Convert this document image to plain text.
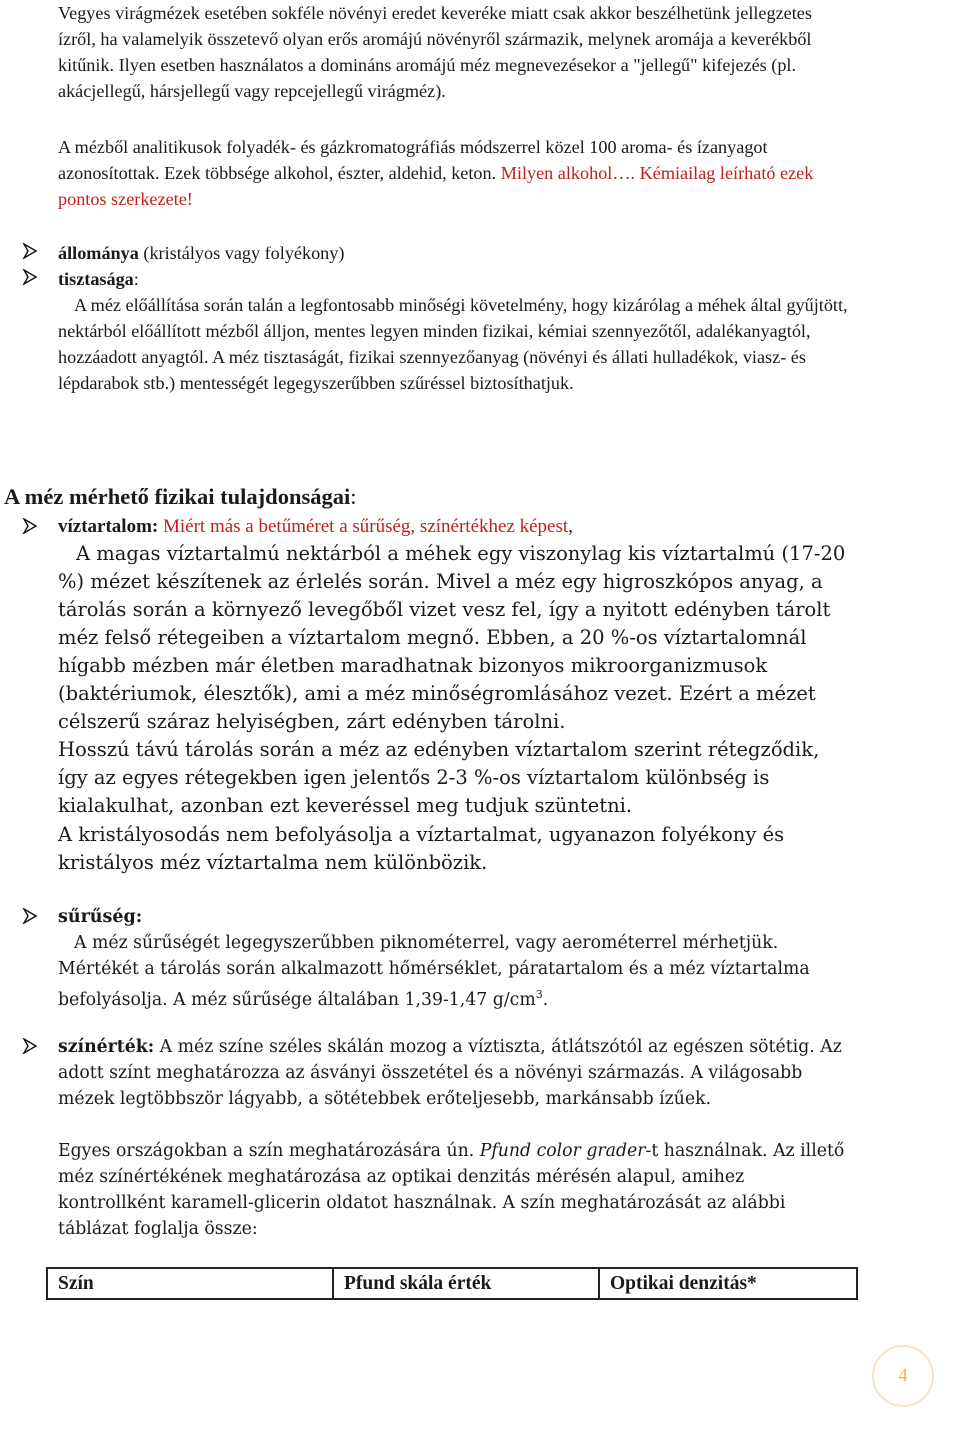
Vegyes virágmézek esetében sokféle növényi eredet keveréke miatt csak akkor beszélhetünk jellegzetes ízről, ha valamelyik összetevő olyan erős aromájú növényről származik, melynek aromája a keverékből kitűnik. Ilyen esetben használatos a domináns aromájú méz megnevezésekor a "jellegű" kifejezés (pl. akácjellegű, hársjellegű vagy repcejellegű virágméz).
A mézből analitikusok folyadék- és gázkromatográfiás módszerrel közel 100 aroma- és ízanyagot azonosítottak. Ezek többsége alkohol, észter, aldehid, keton. Milyen alkohol…. Kémiailag leírható ezek pontos szerkezete!
állománya (kristályos vagy folyékony)
tisztasága:
A méz előállítása során talán a legfontosabb minőségi követelmény, hogy kizárólag a méhek által gyűjtött, nektárból előállított mézből álljon, mentes legyen minden fizikai, kémiai szennyezőtől, adalékanyagtól, hozzáadott anyagtól. A méz tisztaságát, fizikai szennyezőanyag (növényi és állati hulladékok, viasz- és lépdarabok stb.) mentességét legegyszerűbben szűréssel biztosíthatjuk.
A méz mérhető fizikai tulajdonságai:
víztartalom: Miért más a betűméret a sűrűség, színértékhez képest,
A magas víztartalmú nektárból a méhek egy viszonylag kis víztartalmú (17-20 %) mézet készítenek az érlelés során. Mivel a méz egy higroszkópos anyag, a tárolás során a környező levegőből vizet vesz fel, így a nyitott edényben tárolt méz felső rétegeiben a víztartalom megnő. Ebben, a 20 %-os víztartalomnál hígabb mézben már életben maradhatnak bizonyos mikroorganizmusok (baktériumok, élesztők), ami a méz minőségromlásához vezet. Ezért a mézet célszerű száraz helyiségben, zárt edényben tárolni.
Hosszú távú tárolás során a méz az edényben víztartalom szerint rétegződik, így az egyes rétegekben igen jelentős 2-3 %-os víztartalom különbség is kialakulhat, azonban ezt keveréssel meg tudjuk szüntetni.
A kristályosodás nem befolyásolja a víztartalmat, ugyanazon folyékony és kristályos méz víztartalma nem különbözik.
sűrűség:
A méz sűrűségét legegyszerűbben piknométerrel, vagy aerométerrel mérhetjük. Mértékét a tárolás során alkalmazott hőmérséklet, páratartalom és a méz víztartalma befolyásolja. A méz sűrűsége általában 1,39-1,47 $g/cm^3$.
színérték: A méz színe széles skálán mozog a víztiszta, átlátszótól az egészen sötétig. Az adott színt meghatározza az ásványi összetétel és a növényi származás. A világosabb mézek legtöbbször lágyabb, a sötétebbek erőteljesebb, markánsabb ízűek.
Egyes országokban a szín meghatározására ún. Pfund color grader-t használnak. Az illető méz színértékének meghatározása az optikai denzitás mérésén alapul, amihez kontrollként karamell-glicerin oldatot használnak. A szín meghatározását az alábbi táblázat foglalja össze:
Szín	Pfund skála érték	Optikai denzitás*
4
